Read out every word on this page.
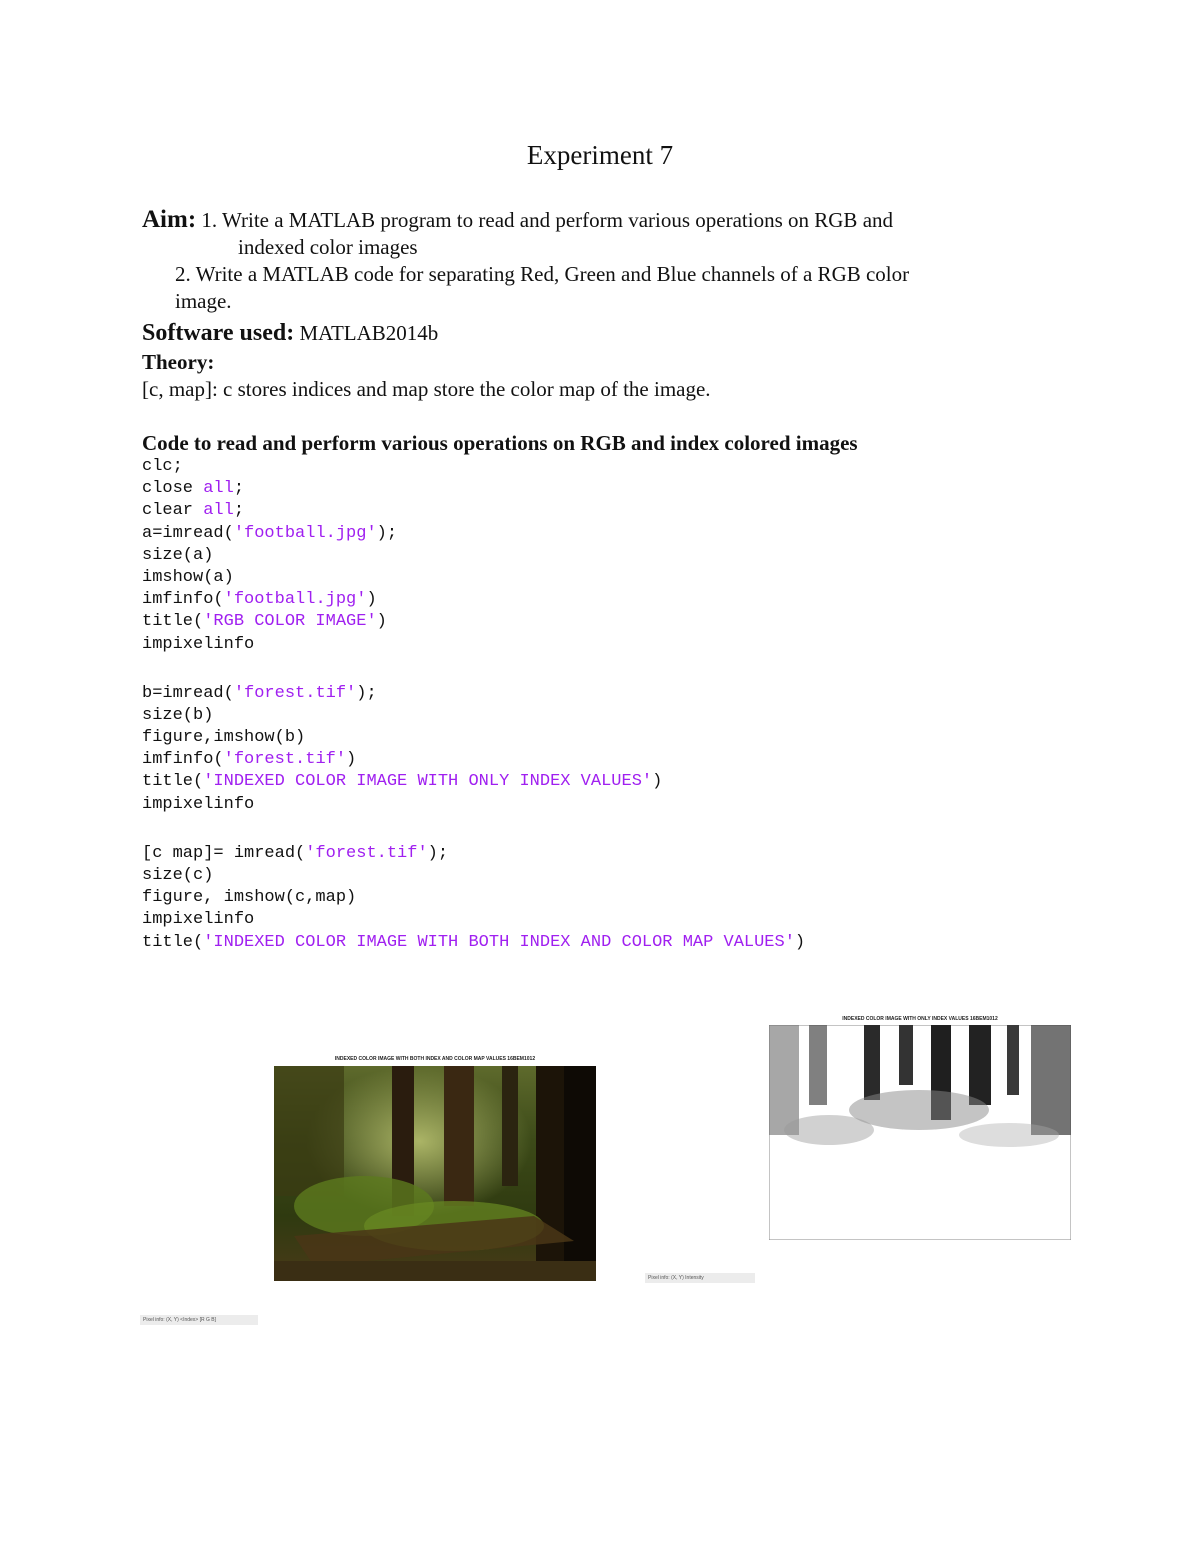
Experiment 7
Aim: 1. Write a MATLAB program to read and perform various operations on RGB and
indexed color images
2. Write a MATLAB code for separating Red, Green and Blue channels of a RGB color
image.
Software used: MATLAB2014b
Theory:
[c, map]: c stores indices and map store the color map of the image.
Code to read and perform various operations on RGB and index colored images
clc;
close all;
clear all;
a=imread('football.jpg');
size(a)
imshow(a)
imfinfo('football.jpg')
title('RGB COLOR IMAGE')
impixelinfo
b=imread('forest.tif');
size(b)
figure,imshow(b)
imfinfo('forest.tif')
title('INDEXED COLOR IMAGE WITH ONLY INDEX VALUES')
impixelinfo
[c map]= imread('forest.tif');
size(c)
figure, imshow(c,map)
impixelinfo
title('INDEXED COLOR IMAGE WITH BOTH INDEX AND COLOR MAP VALUES')
INDEXED COLOR IMAGE WITH BOTH INDEX AND COLOR MAP VALUES 16BEM1012
Pixel info: (X, Y) <Index> [R G B]
INDEXED COLOR IMAGE WITH ONLY INDEX VALUES 16BEM1012
Pixel info: (X, Y) Intensity
